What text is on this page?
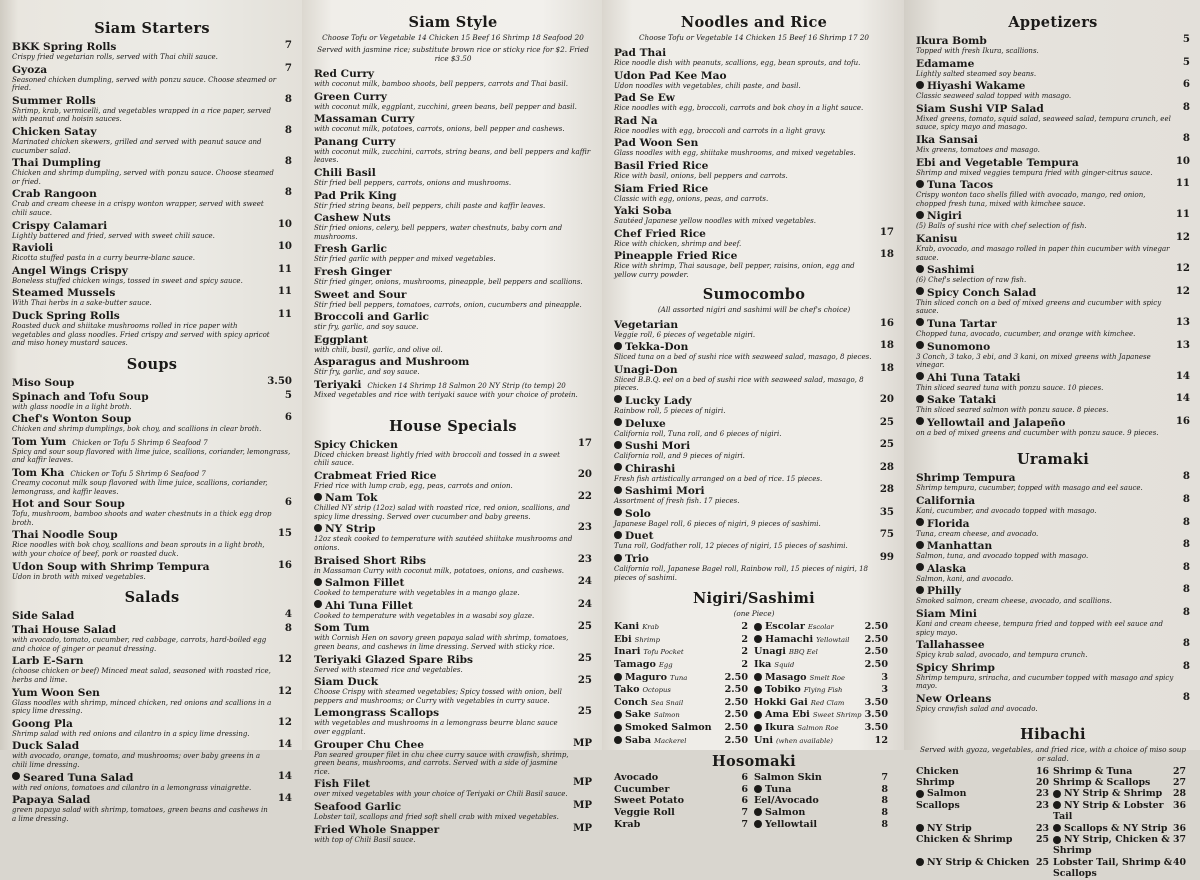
Siam Starters
BKK Spring Rolls
Crispy fried vegetarian rolls, served with Thai chili sauce.
7
Gyoza
Seasoned chicken dumpling, served with ponzu sauce. Choose steamed or fried.
7
Summer Rolls
Shrimp, krab, vermicelli, and vegetables wrapped in a rice paper, served with peanut and hoisin sauces.
8
Chicken Satay
Marinated chicken skewers, grilled and served with peanut sauce and cucumber salad.
8
Thai Dumpling
Chicken and shrimp dumpling, served with ponzu sauce. Choose steamed or fried.
8
Crab Rangoon
Crab and cream cheese in a crispy wonton wrapper, served with sweet chili sauce.
8
Crispy Calamari
Lightly battered and fried, served with sweet chili sauce.
10
Ravioli
Ricotta stuffed pasta in a curry beurre-blanc sauce.
10
Angel Wings Crispy
Boneless stuffed chicken wings, tossed in sweet and spicy sauce.
11
Steamed Mussels
With Thai herbs in a sake-butter sauce.
11
Duck Spring Rolls
Roasted duck and shiitake mushrooms rolled in rice paper with vegetables and glass noodles. Fried crispy and served with spicy apricot and miso honey mustard sauces.
11
Soups
Miso Soup	3.50
Spinach and Tofu Soup
with glass noodle in a light broth.
5
Chef's Wonton Soup
Chicken and shrimp dumplings, bok choy, and scallions in clear broth.
6
Tom Yum Chicken or Tofu 5 Shrimp 6 Seafood 7
Spicy and sour soup flavored with lime juice, scallions, coriander, lemongrass, and kaffir leaves.
Tom Kha Chicken or Tofu 5 Shrimp 6 Seafood 7
Creamy coconut milk soup flavored with lime juice, scallions, coriander, lemongrass, and kaffir leaves.
Hot and Sour Soup
Tofu, mushroom, bamboo shoots and water chestnuts in a thick egg drop broth.
6
Thai Noodle Soup
Rice noodles with bok choy, scallions and bean sprouts in a light broth, with your choice of beef, pork or roasted duck.
15
Udon Soup with Shrimp Tempura
Udon in broth with mixed vegetables.
16
Salads
Side Salad	4
Thai House Salad
with avocado, tomato, cucumber, red cabbage, carrots, hard-boiled egg and choice of ginger or peanut dressing.
8
Larb E-Sarn
(choose chicken or beef) Minced meat salad, seasoned with roasted rice, herbs and lime.
12
Yum Woon Sen
Glass noodles with shrimp, minced chicken, red onions and scallions in a spicy lime dressing.
12
Goong Pla
Shrimp salad with red onions and cilantro in a spicy lime dressing.
12
Duck Salad
with avocado, orange, tomato, and mushrooms; over baby greens in a chili lime dressing.
14
Seared Tuna Salad
with red onions, tomatoes and cilantro in a lemongrass vinaigrette.
14
Papaya Salad
green papaya salad with shrimp, tomatoes, green beans and cashews in a lime dressing.
14
Siam Style
Choose Tofu or Vegetable 14 Chicken 15 Beef 16 Shrimp 18 Seafood 20
Served with jasmine rice; substitute brown rice or sticky rice for $2. Fried rice $3.50
Red Curry
with coconut milk, bamboo shoots, bell peppers, carrots and Thai basil.
Green Curry
with coconut milk, eggplant, zucchini, green beans, bell pepper and basil.
Massaman Curry
with coconut milk, potatoes, carrots, onions, bell pepper and cashews.
Panang Curry
with coconut milk, zucchini, carrots, string beans, and bell peppers and kaffir leaves.
Chili Basil
Stir fried bell peppers, carrots, onions and mushrooms.
Pad Prik King
Stir fried string beans, bell peppers, chili paste and kaffir leaves.
Cashew Nuts
Stir fried onions, celery, bell peppers, water chestnuts, baby corn and mushrooms.
Fresh Garlic
Stir fried garlic with pepper and mixed vegetables.
Fresh Ginger
Stir fried ginger, onions, mushrooms, pineapple, bell peppers and scallions.
Sweet and Sour
Stir fried bell peppers, tomatoes, carrots, onion, cucumbers and pineapple.
Broccoli and Garlic
stir fry, garlic, and soy sauce.
Eggplant
with chili, basil, garlic, and olive oil.
Asparagus and Mushroom
Stir fry, garlic, and soy sauce.
Teriyaki Chicken 14 Shrimp 18 Salmon 20 NY Strip (to temp) 20
Mixed vegetables and rice with teriyaki sauce with your choice of protein.
House Specials
Spicy Chicken
Diced chicken breast lightly fried with broccoli and tossed in a sweet chili sauce.
17
Crabmeat Fried Rice
Fried rice with lump crab, egg, peas, carrots and onion.
20
Nam Tok
Chilled NY strip (12oz) salad with roasted rice, red onion, scallions, and spicy lime dressing. Served over cucumber and baby greens.
22
NY Strip
12oz steak cooked to temperature with sautéed shiitake mushrooms and onions.
23
Braised Short Ribs
in Massaman Curry with coconut milk, potatoes, onions, and cashews.
23
Salmon Fillet
Cooked to temperature with vegetables in a mango glaze.
24
Ahi Tuna Fillet
Cooked to temperature with vegetables in a wasabi soy glaze.
24
Som Tum
with Cornish Hen on savory green papaya salad with shrimp, tomatoes, green beans, and cashews in lime dressing. Served with sticky rice.
25
Teriyaki Glazed Spare Ribs
Served with steamed rice and vegetables.
25
Siam Duck
Choose Crispy with steamed vegetables; Spicy tossed with onion, bell peppers and mushrooms; or Curry with vegetables in curry sauce.
25
Lemongrass Scallops
with vegetables and mushrooms in a lemongrass beurre blanc sauce over eggplant.
25
Grouper Chu Chee
Pan seared grouper filet in chu chee curry sauce with crawfish, shrimp, green beans, mushrooms, and carrots. Served with a side of jasmine rice.
MP
Fish Filet
over mixed vegetables with your choice of Teriyaki or Chili Basil sauce.
MP
Seafood Garlic
Lobster tail, scallops and fried soft shell crab with mixed vegetables.
MP
Fried Whole Snapper
with top of Chili Basil sauce.
MP
Noodles and Rice
Choose Tofu or Vegetable 14 Chicken 15 Beef 16 Shrimp 17 20
Pad Thai
Rice noodle dish with peanuts, scallions, egg, bean sprouts, and tofu.
Udon Pad Kee Mao
Udon noodles with vegetables, chili paste, and basil.
Pad Se Ew
Rice noodles with egg, broccoli, carrots and bok choy in a light sauce.
Rad Na
Rice noodles with egg, broccoli and carrots in a light gravy.
Pad Woon Sen
Glass noodles with egg, shiitake mushrooms, and mixed vegetables.
Basil Fried Rice
Rice with basil, onions, bell peppers and carrots.
Siam Fried Rice
Classic with egg, onions, peas, and carrots.
Yaki Soba
Sautéed Japanese yellow noodles with mixed vegetables.
Chef Fried Rice
Rice with chicken, shrimp and beef.
17
Pineapple Fried Rice
Rice with shrimp, Thai sausage, bell pepper, raisins, onion, egg and yellow curry powder.
18
Sumocombo
(All assorted nigiri and sashimi will be chef's choice)
Vegetarian
Veggie roll, 6 pieces of vegetable nigiri.
16
Tekka-Don
Sliced tuna on a bed of sushi rice with seaweed salad, masago, 8 pieces.
18
Unagi-Don
Sliced B.B.Q. eel on a bed of sushi rice with seaweed salad, masago, 8 pieces.
18
Lucky Lady
Rainbow roll, 5 pieces of nigiri.
20
Deluxe
California roll, Tuna roll, and 6 pieces of nigiri.
25
Sushi Mori
California roll, and 9 pieces of nigiri.
25
Chirashi
Fresh fish artistically arranged on a bed of rice. 15 pieces.
28
Sashimi Mori
Assortment of fresh fish. 17 pieces.
28
Solo
Japanese Bagel roll, 6 pieces of nigiri, 9 pieces of sashimi.
35
Duet
Tuna roll, Godfather roll, 12 pieces of nigiri, 15 pieces of sashimi.
75
Trio
California roll, Japanese Bagel roll, Rainbow roll, 15 pieces of nigiri, 18 pieces of sashimi.
99
Nigiri/Sashimi
(one Piece)
Kani Krab	2	Escolar Escolar	2.50
Ebi Shrimp	2	Hamachi Yellowtail 2.50
Inari Tofu Pocket	2 Unagi BBQ Eel	2.50
Tamago Egg	2 Ika Squid	2.50
Maguro Tuna	2.50	Masago Smelt Roe	3
Tako Octopus	2.50	Tobiko Flying Fish	3
Conch Sea Snail	2.50 Hokki Gai Red Clam 3.50
Sake Salmon	2.50	Ama Ebi Sweet Shrimp 3.50
Smoked Salmon 2.50	Ikura Salmon Roe	3.50
Saba Mackerel	2.50 Uni (when available)	12
Hosomaki
Avocado	6 Salmon Skin	7
Cucumber	6	Tuna	8
Sweet Potato	6 Eel/Avocado	8
Veggie Roll	7	Salmon	8
Krab	7	Yellowtail	8
Appetizers
Ikura Bomb
Topped with fresh Ikura, scallions.
5
Edamame
Lightly salted steamed soy beans.
5
Hiyashi Wakame
Classic seaweed salad topped with masago.
6
Siam Sushi VIP Salad
Mixed greens, tomato, squid salad, seaweed salad, tempura crunch, eel sauce, spicy mayo and masago.
8
Ika Sansai
Mix greens, tomatoes and masago.
8
Ebi and Vegetable Tempura
Shrimp and mixed veggies tempura fried with ginger-citrus sauce.
10
Tuna Tacos
Crispy wonton taco shells filled with avocado, mango, red onion, chopped fresh tuna, mixed with kimchee sauce.
11
Nigiri
(5) Balls of sushi rice with chef selection of fish.
11
Kanisu
Krab, avocado, and masago rolled in paper thin cucumber with vinegar sauce.
12
Sashimi
(6) Chef's selection of raw fish.
12
Spicy Conch Salad
Thin sliced conch on a bed of mixed greens and cucumber with spicy sauce.
12
Tuna Tartar
Chopped tuna, avocado, cucumber, and orange with kimchee.
13
Sunomono
3 Conch, 3 tako, 3 ebi, and 3 kani, on mixed greens with Japanese vinegar.
13
Ahi Tuna Tataki
Thin sliced seared tuna with ponzu sauce. 10 pieces.
14
Sake Tataki
Thin sliced seared salmon with ponzu sauce. 8 pieces.
14
Yellowtail and Jalapeño
on a bed of mixed greens and cucumber with ponzu sauce. 9 pieces.
16
Uramaki
Shrimp Tempura
Shrimp tempura, cucumber, topped with masago and eel sauce.
8
California
Kani, cucumber, and avocado topped with masago.
8
Florida
Tuna, cream cheese, and avocado.
8
Manhattan
Salmon, tuna, and avocado topped with masago.
8
Alaska
Salmon, kani, and avocado.
8
Philly
Smoked salmon, cream cheese, avocado, and scallions.
8
Siam Mini
Kani and cream cheese, tempura fried and topped with eel sauce and spicy mayo.
8
Tallahassee
Spicy krab salad, avocado, and tempura crunch.
8
Spicy Shrimp
Shrimp tempura, sriracha, and cucumber topped with masago and spicy mayo.
8
New Orleans
Spicy crawfish salad and avocado.
8
Hibachi
Served with gyoza, vegetables, and fried rice, with a choice of miso soup or salad.
Chicken	16 Shrimp & Tuna	27
Shrimp	20 Shrimp & Scallops 27
Salmon	23	NY Strip & Shrimp 28
Scallops	23	NY Strip & Lobster Tail
36
NY Strip	23	Scallops & NY Strip 36
Chicken & Shrimp	25	NY Strip, Chicken & Shrimp
37
NY Strip & Chicken 25 Lobster Tail, Shrimp & Scallops
40
